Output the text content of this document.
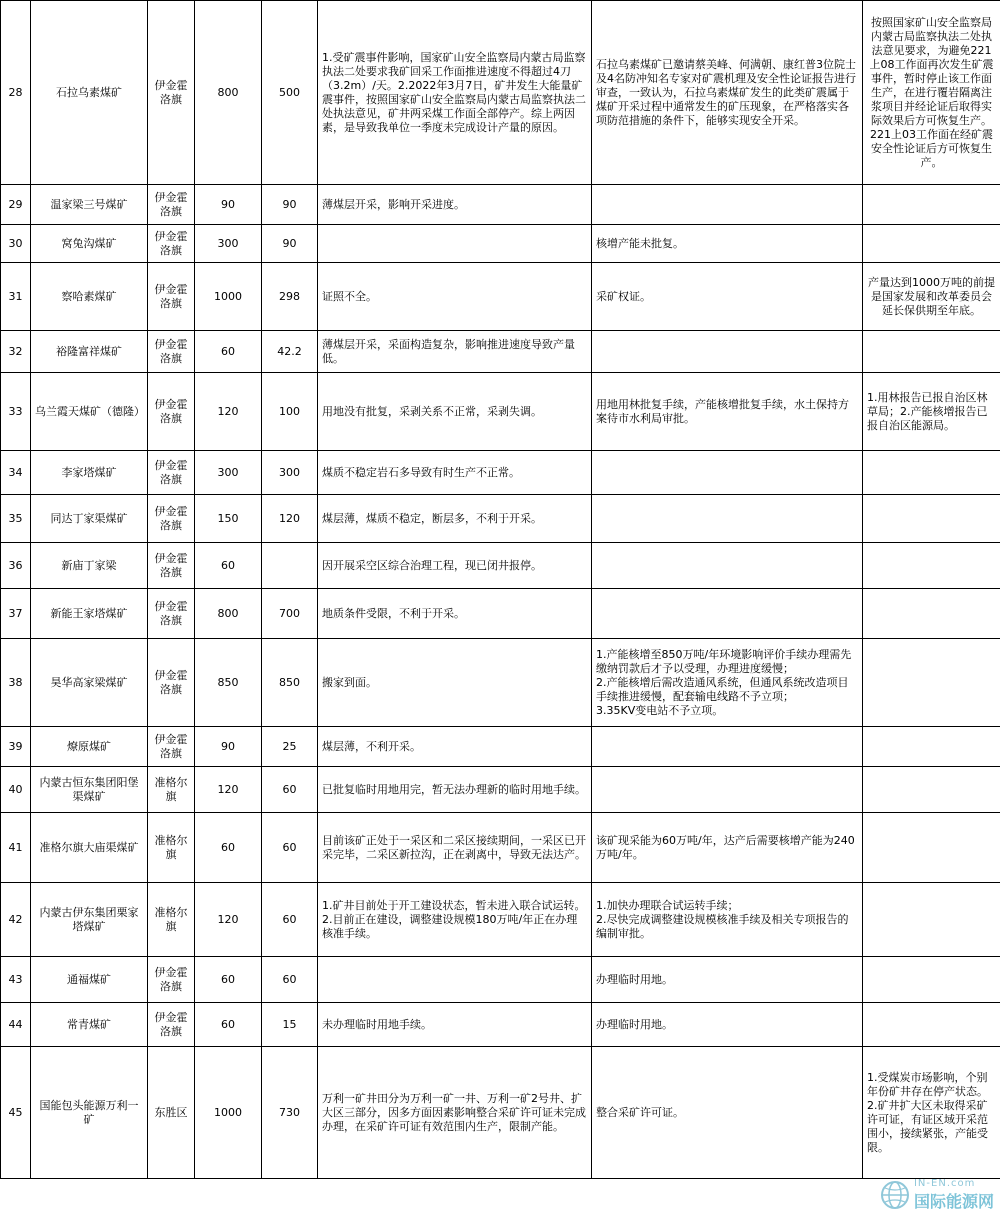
28	石拉乌素煤矿	伊金霍洛旗	800	500	1.受矿震事件影响，国家矿山安全监察局内蒙古局监察执法二处要求我矿回采工作面推进速度不得超过4刀（3.2m）/天。2.2022年3月7日，矿井发生大能量矿震事件，按照国家矿山安全监察局内蒙古局监察执法二处执法意见，矿井两采煤工作面全部停产。综上两因素，是导致我单位一季度未完成设计产量的原因。	石拉乌素煤矿已邀请蔡美峰、何满朝、康红普3位院士及4名防冲知名专家对矿震机理及安全性论证报告进行审查，一致认为，石拉乌素煤矿发生的此类矿震属于煤矿开采过程中通常发生的矿压现象，在严格落实各项防范措施的条件下，能够实现安全开采。	按照国家矿山安全监察局内蒙古局监察执法二处执法意见要求，为避免221上08工作面再次发生矿震事件，暂时停止该工作面生产，在进行覆岩隔离注浆项目并经论证后取得实际效果后方可恢复生产。221上03工作面在经矿震安全性论证后方可恢复生产。
29	温家梁三号煤矿	伊金霍洛旗	90	90	薄煤层开采，影响开采进度。		
30	窝兔沟煤矿	伊金霍洛旗	300	90		核增产能未批复。	
31	察哈素煤矿	伊金霍洛旗	1000	298	证照不全。	采矿权证。	产量达到1000万吨的前提是国家发展和改革委员会延长保供期至年底。
32	裕隆富祥煤矿	伊金霍洛旗	60	42.2	薄煤层开采，采面构造复杂，影响推进速度导致产量低。		
33	乌兰霞天煤矿（德隆）	伊金霍洛旗	120	100	用地没有批复，采剥关系不正常，采剥失调。	用地用林批复手续，产能核增批复手续，水土保持方案待市水利局审批。	1.用林报告已报自治区林草局；2.产能核增报告已报自治区能源局。
34	李家塔煤矿	伊金霍洛旗	300	300	煤质不稳定岩石多导致有时生产不正常。		
35	同达丁家渠煤矿	伊金霍洛旗	150	120	煤层薄，煤质不稳定，断层多，不利于开采。		
36	新庙丁家梁	伊金霍洛旗	60		因开展采空区综合治理工程，现已闭井报停。		
37	新能王家塔煤矿	伊金霍洛旗	800	700	地质条件受限，不利于开采。		
38	昊华高家梁煤矿	伊金霍洛旗	850	850	搬家到面。	1.产能核增至850万吨/年环境影响评价手续办理需先缴纳罚款后才予以受理，办理进度缓慢；
2.产能核增后需改造通风系统，但通风系统改造项目手续推进缓慢，配套输电线路不予立项；
3.35KV变电站不予立项。	
39	燎原煤矿	伊金霍洛旗	90	25	煤层薄，不利开采。		
40	内蒙古恒东集团阳堡渠煤矿	准格尔旗	120	60	已批复临时用地用完，暂无法办理新的临时用地手续。		
41	准格尔旗大庙渠煤矿	准格尔旗	60	60	目前该矿正处于一采区和二采区接续期间，一采区已开采完毕，二采区新拉沟，正在剥离中，导致无法达产。	该矿现采能为60万吨/年，达产后需要核增产能为240万吨/年。	
42	内蒙古伊东集团栗家塔煤矿	准格尔旗	120	60	1.矿井目前处于开工建设状态，暂未进入联合试运转。2.目前正在建设，调整建设规模180万吨/年正在办理核准手续。	1.加快办理联合试运转手续；
2.尽快完成调整建设规模核准手续及相关专项报告的编制审批。	
43	通福煤矿	伊金霍洛旗	60	60		办理临时用地。	
44	常青煤矿	伊金霍洛旗	60	15	未办理临时用地手续。	办理临时用地。	
45	国能包头能源万利一矿	东胜区	1000	730	万利一矿井田分为万利一矿一井、万利一矿2号井、扩大区三部分，因多方面因素影响整合采矿许可证未完成办理，在采矿许可证有效范围内生产，限制产能。	整合采矿许可证。	1.受煤炭市场影响，个别年份矿井存在停产状态。
2.矿井扩大区未取得采矿许可证，有证区域开采范围小，接续紧张，产能受限。
IN-EN.com
国际能源网
